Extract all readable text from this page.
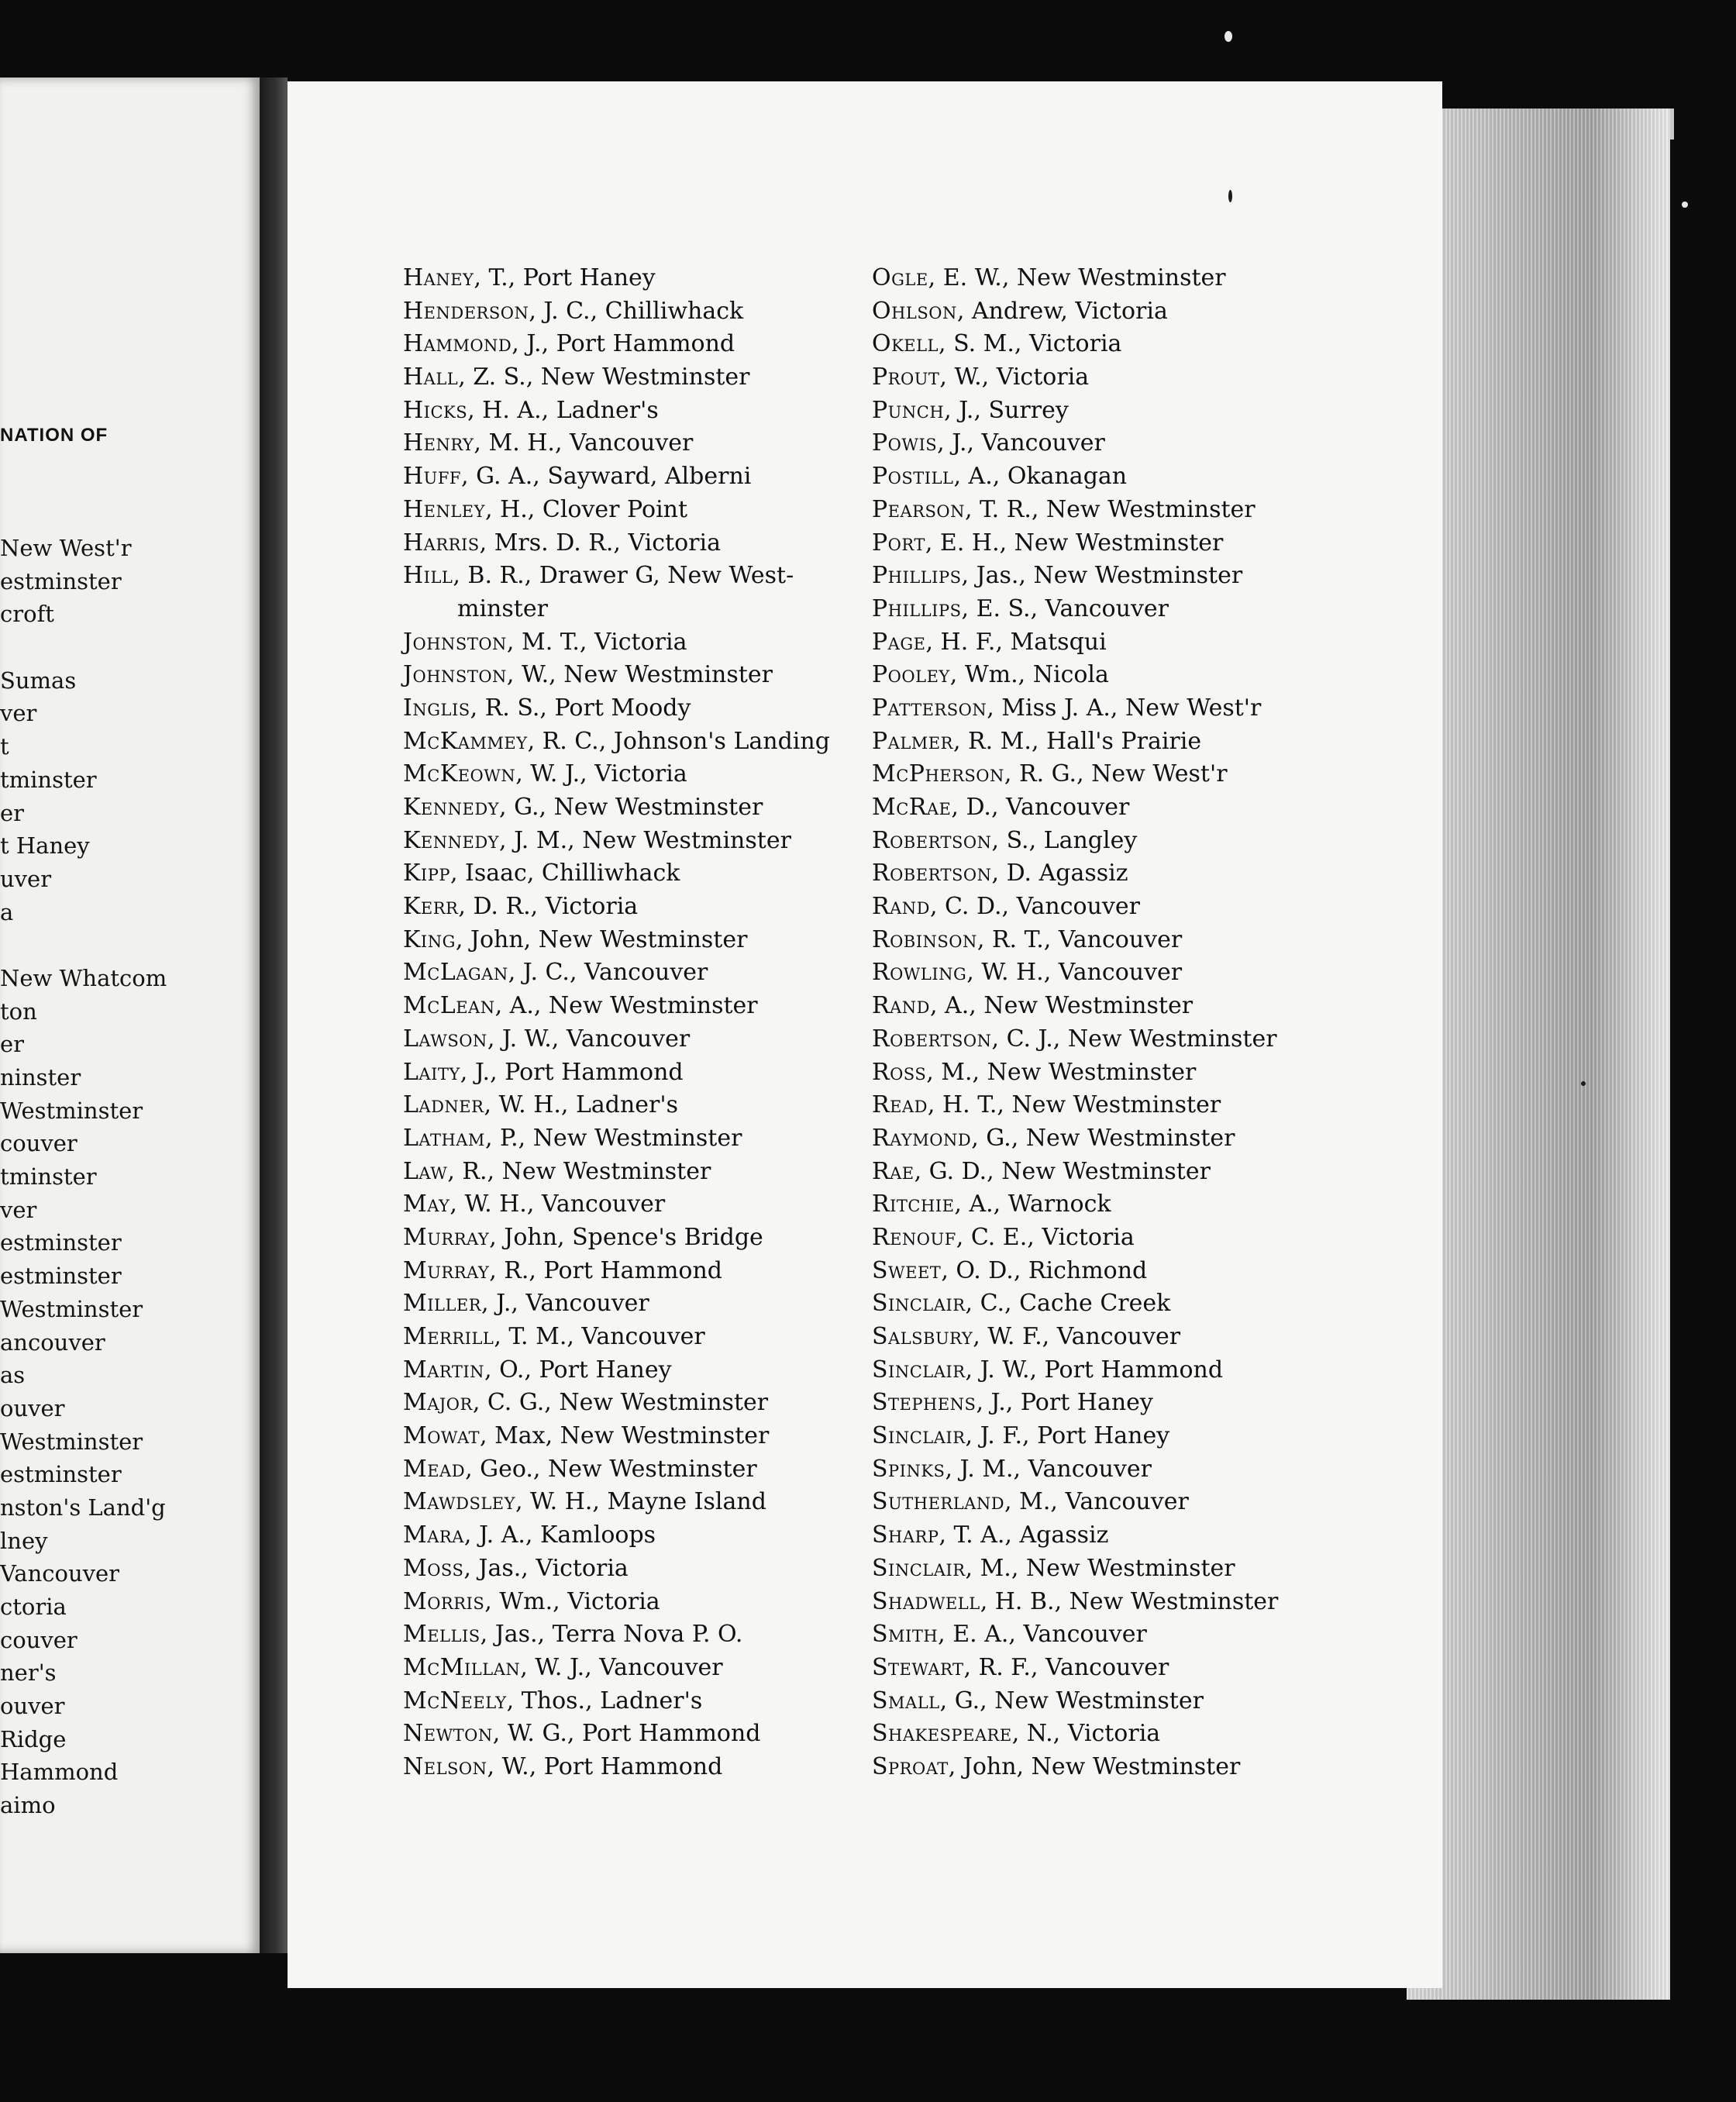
NATION OF
New West'r
estminster
croft
Sumas
ver
t
tminster
er
t Haney
uver
a
New Whatcom
ton
er
ninster
Westminster
couver
tminster
ver
estminster
estminster
Westminster
ancouver
as
ouver
Westminster
estminster
nston's Land'g
lney
Vancouver
ctoria
couver
ner's
ouver
Ridge
Hammond
aimo
Haney, T., Port Haney
Henderson, J. C., Chilliwhack
Hammond, J., Port Hammond
Hall, Z. S., New Westminster
Hicks, H. A., Ladner's
Henry, M. H., Vancouver
Huff, G. A., Sayward, Alberni
Henley, H., Clover Point
Harris, Mrs. D. R., Victoria
Hill, B. R., Drawer G, New West-
minster
Johnston, M. T., Victoria
Johnston, W., New Westminster
Inglis, R. S., Port Moody
McKammey, R. C., Johnson's Landing
McKeown, W. J., Victoria
Kennedy, G., New Westminster
Kennedy, J. M., New Westminster
Kipp, Isaac, Chilliwhack
Kerr, D. R., Victoria
King, John, New Westminster
McLagan, J. C., Vancouver
McLean, A., New Westminster
Lawson, J. W., Vancouver
Laity, J., Port Hammond
Ladner, W. H., Ladner's
Latham, P., New Westminster
Law, R., New Westminster
May, W. H., Vancouver
Murray, John, Spence's Bridge
Murray, R., Port Hammond
Miller, J., Vancouver
Merrill, T. M., Vancouver
Martin, O., Port Haney
Major, C. G., New Westminster
Mowat, Max, New Westminster
Mead, Geo., New Westminster
Mawdsley, W. H., Mayne Island
Mara, J. A., Kamloops
Moss, Jas., Victoria
Morris, Wm., Victoria
Mellis, Jas., Terra Nova P. O.
McMillan, W. J., Vancouver
McNeely, Thos., Ladner's
Newton, W. G., Port Hammond
Nelson, W., Port Hammond
Ogle, E. W., New Westminster
Ohlson, Andrew, Victoria
Okell, S. M., Victoria
Prout, W., Victoria
Punch, J., Surrey
Powis, J., Vancouver
Postill, A., Okanagan
Pearson, T. R., New Westminster
Port, E. H., New Westminster
Phillips, Jas., New Westminster
Phillips, E. S., Vancouver
Page, H. F., Matsqui
Pooley, Wm., Nicola
Patterson, Miss J. A., New West'r
Palmer, R. M., Hall's Prairie
McPherson, R. G., New West'r
McRae, D., Vancouver
Robertson, S., Langley
Robertson, D. Agassiz
Rand, C. D., Vancouver
Robinson, R. T., Vancouver
Rowling, W. H., Vancouver
Rand, A., New Westminster
Robertson, C. J., New Westminster
Ross, M., New Westminster
Read, H. T., New Westminster
Raymond, G., New Westminster
Rae, G. D., New Westminster
Ritchie, A., Warnock
Renouf, C. E., Victoria
Sweet, O. D., Richmond
Sinclair, C., Cache Creek
Salsbury, W. F., Vancouver
Sinclair, J. W., Port Hammond
Stephens, J., Port Haney
Sinclair, J. F., Port Haney
Spinks, J. M., Vancouver
Sutherland, M., Vancouver
Sharp, T. A., Agassiz
Sinclair, M., New Westminster
Shadwell, H. B., New Westminster
Smith, E. A., Vancouver
Stewart, R. F., Vancouver
Small, G., New Westminster
Shakespeare, N., Victoria
Sproat, John, New Westminster
